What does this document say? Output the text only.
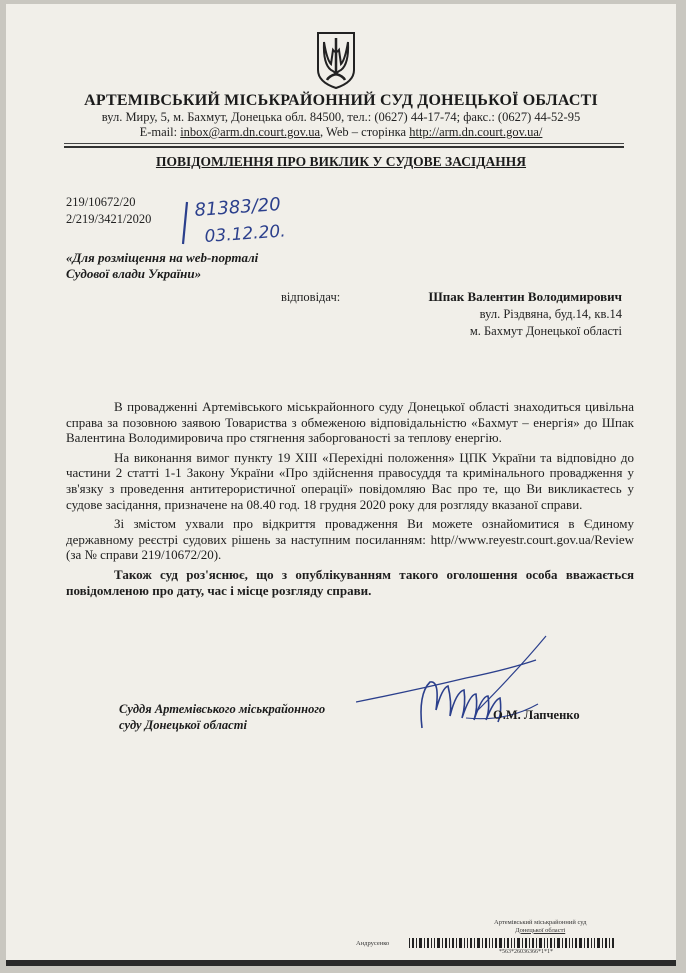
АРТЕМІВСЬКИЙ МІСЬКРАЙОННИЙ СУД ДОНЕЦЬКОЇ ОБЛАСТІ
вул. Миру, 5, м. Бахмут, Донецька обл. 84500, тел.: (0627) 44-17-74; факс.: (0627) 44-52-95
E-mail: inbox@arm.dn.court.gov.ua, Web – сторінка http://arm.dn.court.gov.ua/
ПОВІДОМЛЕННЯ ПРО ВИКЛИК У СУДОВЕ ЗАСІДАННЯ
219/10672/20
2/219/3421/2020 81383/20
03.12.20.
«Для розміщення на web-порталі
Судової влади України»
відповідач:	Шпак Валентин Володимирович
вул. Різдвяна, буд.14, кв.14
м. Бахмут Донецької області

В провадженні Артемівського міськрайонного суду Донецької області знаходиться цивільна справа за позовною заявою Товариства з обмеженою відповідальністю «Бахмут – енергія» до Шпак Валентина Володимировича про стягнення заборгованості за теплову енергію.

На виконання вимог пункту 19 ХІІІ «Перехідні положення» ЦПК України та відповідно до частини 2 статті 1-1 Закону України «Про здійснення правосуддя та кримінального провадження у зв'язку з проведення антитерористичної операції» повідомляю Вас про те, що Ви викликаєтесь у судове засідання, призначене на 08.40 год. 18 грудня 2020 року для розгляду вказаної справи.

Зі змістом ухвали про відкриття провадження Ви можете ознайомитися в Єдиному державному реєстрі судових рішень за наступним посиланням: http//www.reyestr.court.gov.ua/Review (за № справи 219/10672/20).

Також суд роз'яснює, що з опублікуванням такого оголошення особа вважається повідомленою про дату, час і місце розгляду справи.

Суддя Артемівського міськрайонного
суду Донецької області
О.М. Лапченко
Артемівський міськрайонний суд
Донецької області
Андрусенко
*563*26036366*1*1*
